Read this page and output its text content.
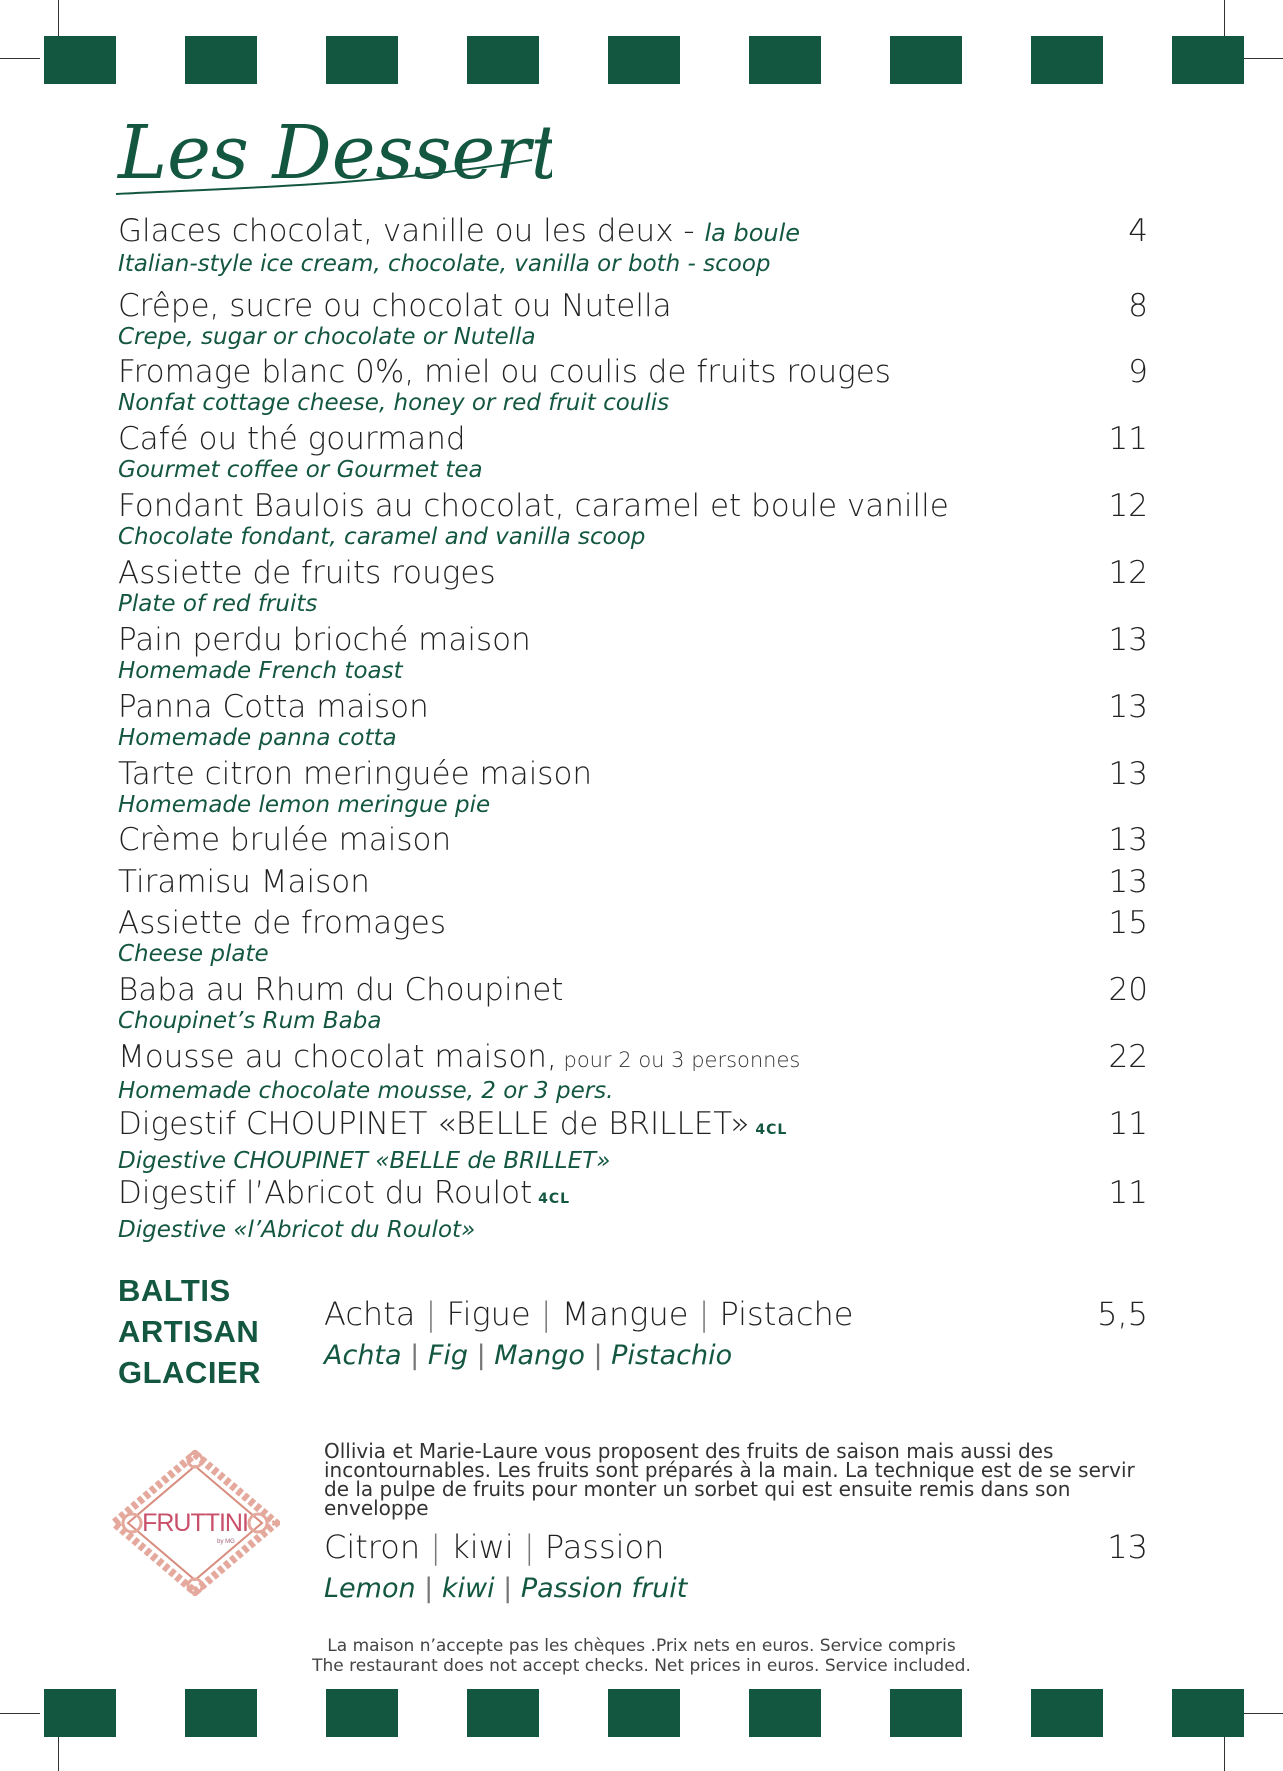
Les Desserts
Glaces chocolat, vanille ou les deux - la boule
Italian-style ice cream, chocolate, vanilla or both - scoop
4
Crêpe, sucre ou chocolat ou Nutella
Crepe, sugar or chocolate or Nutella
8
Fromage blanc 0%, miel ou coulis de fruits rouges
Nonfat cottage cheese, honey or red fruit coulis
9
Café ou thé gourmand
Gourmet coffee or Gourmet tea
11
Fondant Baulois au chocolat, caramel et boule vanille
Chocolate fondant, caramel and vanilla scoop
12
Assiette de fruits rouges
Plate of red fruits
12
Pain perdu brioché maison
Homemade French toast
13
Panna Cotta maison
Homemade panna cotta
13
Tarte citron meringuée maison
Homemade lemon meringue pie
13
Crème brulée maison	13
Tiramisu Maison	13
Assiette de fromages
Cheese plate
15
Baba au Rhum du Choupinet
Choupinet’s Rum Baba
20
Mousse au chocolat maison, pour 2 ou 3 personnes
Homemade chocolate mousse, 2 or 3 pers.
22
Digestif CHOUPINET «BELLE de BRILLET» 4CL
Digestive CHOUPINET «BELLE de BRILLET»
11
Digestif l’Abricot du Roulot 4CL
Digestive «l’Abricot du Roulot»
11
BALTIS
ARTISAN
GLACIER
Achta | Figue | Mangue | Pistache
Achta | Fig | Mango | Pistachio
5,5
FRUTTINI
by MG
Ollivia et Marie-Laure vous proposent des fruits de saison mais aussi des incontournables. Les fruits sont préparés à la main. La technique est de se servir de la pulpe de fruits pour monter un sorbet qui est ensuite remis dans son enveloppe
Citron | kiwi | Passion
Lemon | kiwi | Passion fruit
13
La maison n’accepte pas les chèques .Prix nets en euros. Service compris
The restaurant does not accept checks. Net prices in euros. Service included.
